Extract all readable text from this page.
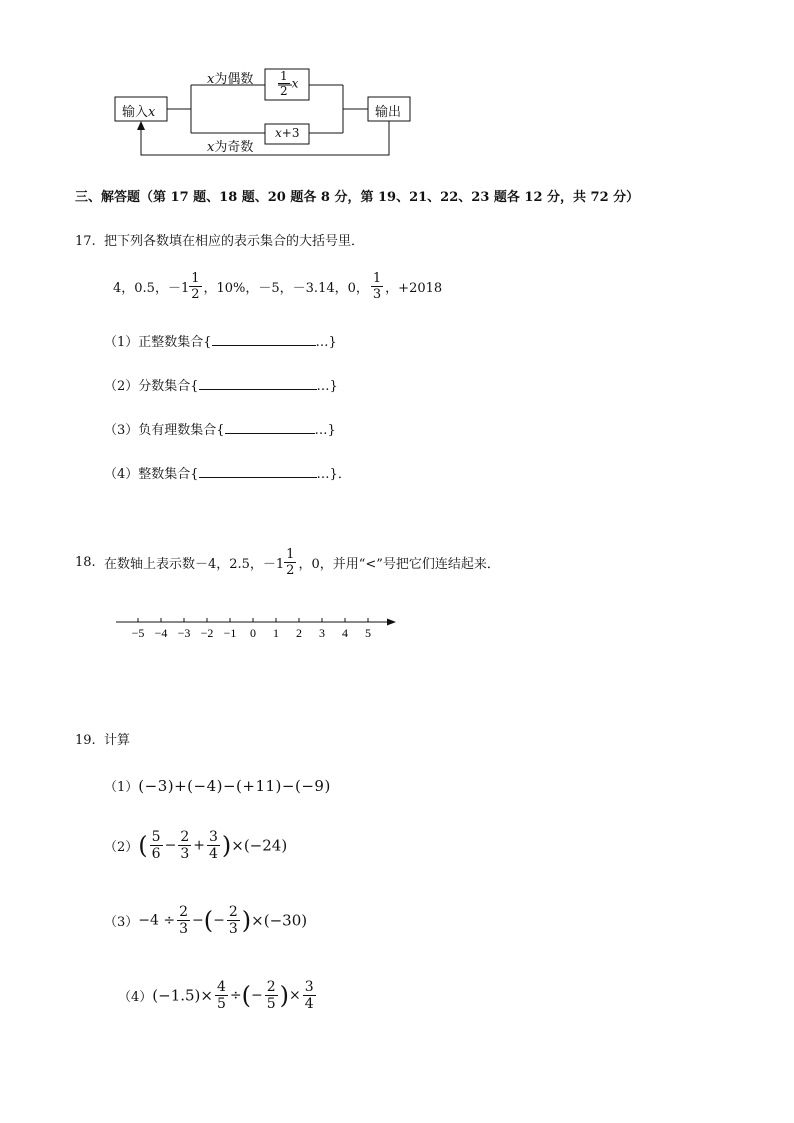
输入x	输出
x为偶数
x为奇数
$\frac{1}{2}$ x
x+3
三、解答题（第 17 题、18 题、20 题各 8 分，第 19、21、22、23 题各 12 分，共 72 分）
17. 把下列各数填在相应的表示集合的大括号里．
4，0.5，$-1 \frac{1}{2}$ ，10%，－5，－3.14，0， $\frac{1}{3}$ ，+2018
（1）正整数集合{	…}
（2）分数集合{	…}
（3）负有理数集合{	…}
（4）整数集合{	…}．
18. 在数轴上表示数－4，2.5，$-1 \frac{1}{2}$ ，0，并用“<”号把它们连结起来．
−5 −4 −3 −2 −1 0 1 2 3 4 5
19. 计算
（1）(−3)+(−4)−(+11)−(−9)
$(2)( \frac{5}{6} - \frac{2}{3} + \frac{3}{4} )\times(-24)$
$(3)-4 \div \frac{2}{3}$ −(− $\frac{2}{3} )\times(-30)$
$(4)(-1.5)\times \frac{4}{5}$ ÷(− $\frac{2}{5}$ )× $\frac{3}{4}$
